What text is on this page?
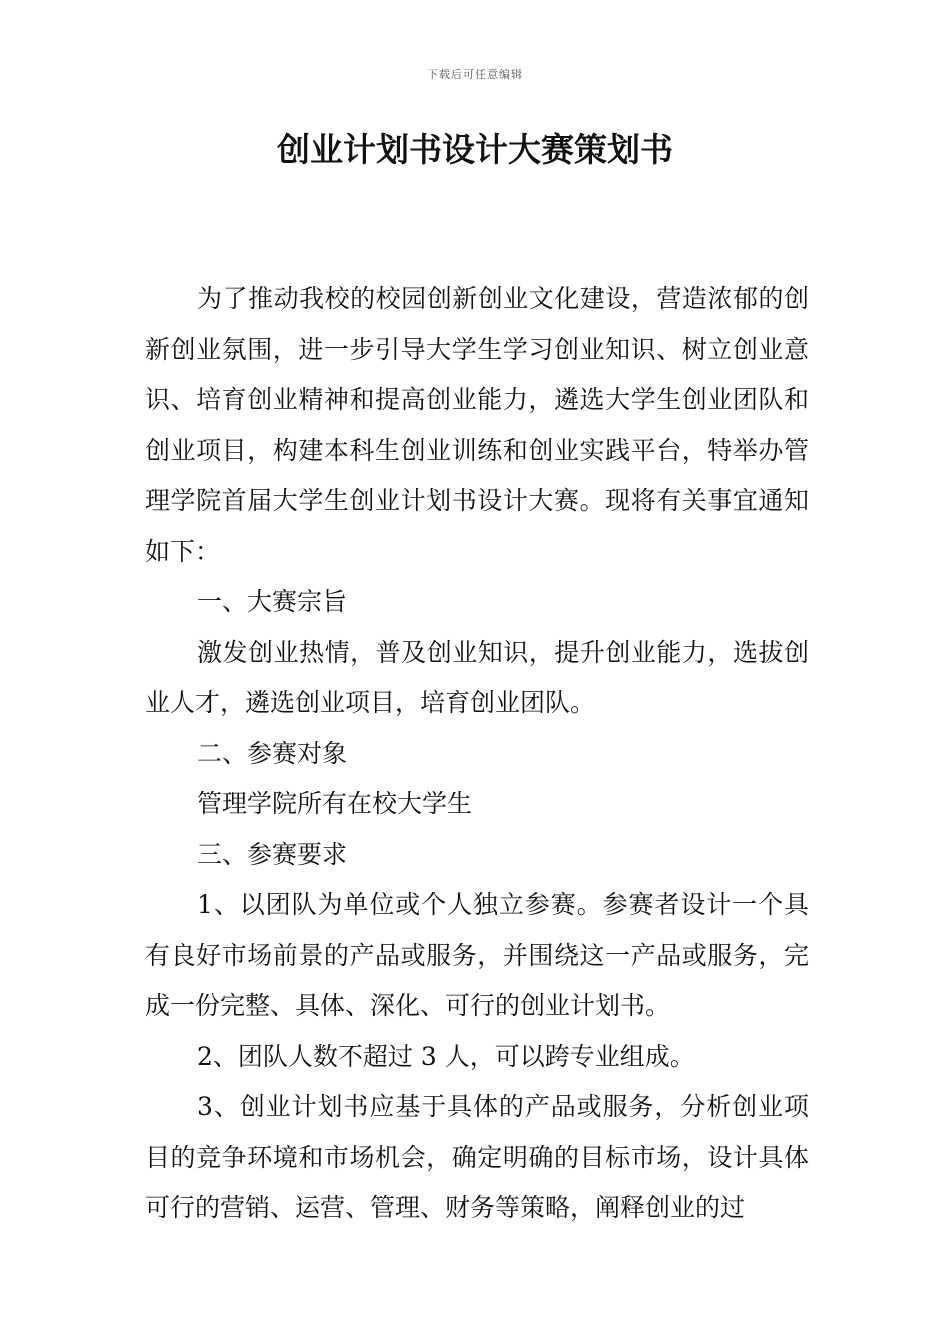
下载后可任意编辑
创业计划书设计大赛策划书

为了推动我校的校园创新创业文化建设，营造浓郁的创新创业氛围，进一步引导大学生学习创业知识、树立创业意识、培育创业精神和提高创业能力，遴选大学生创业团队和创业项目，构建本科生创业训练和创业实践平台，特举办管理学院首届大学生创业计划书设计大赛。现将有关事宜通知如下：

一、大赛宗旨

激发创业热情，普及创业知识，提升创业能力，选拔创业人才，遴选创业项目，培育创业团队。

二、参赛对象

管理学院所有在校大学生

三、参赛要求

1、以团队为单位或个人独立参赛。参赛者设计一个具有良好市场前景的产品或服务，并围绕这一产品或服务，完成一份完整、具体、深化、可行的创业计划书。

2、团队人数不超过 3 人，可以跨专业组成。

3、创业计划书应基于具体的产品或服务，分析创业项目的竞争环境和市场机会，确定明确的目标市场，设计具体可行的营销、运营、管理、财务等策略，阐释创业的过
